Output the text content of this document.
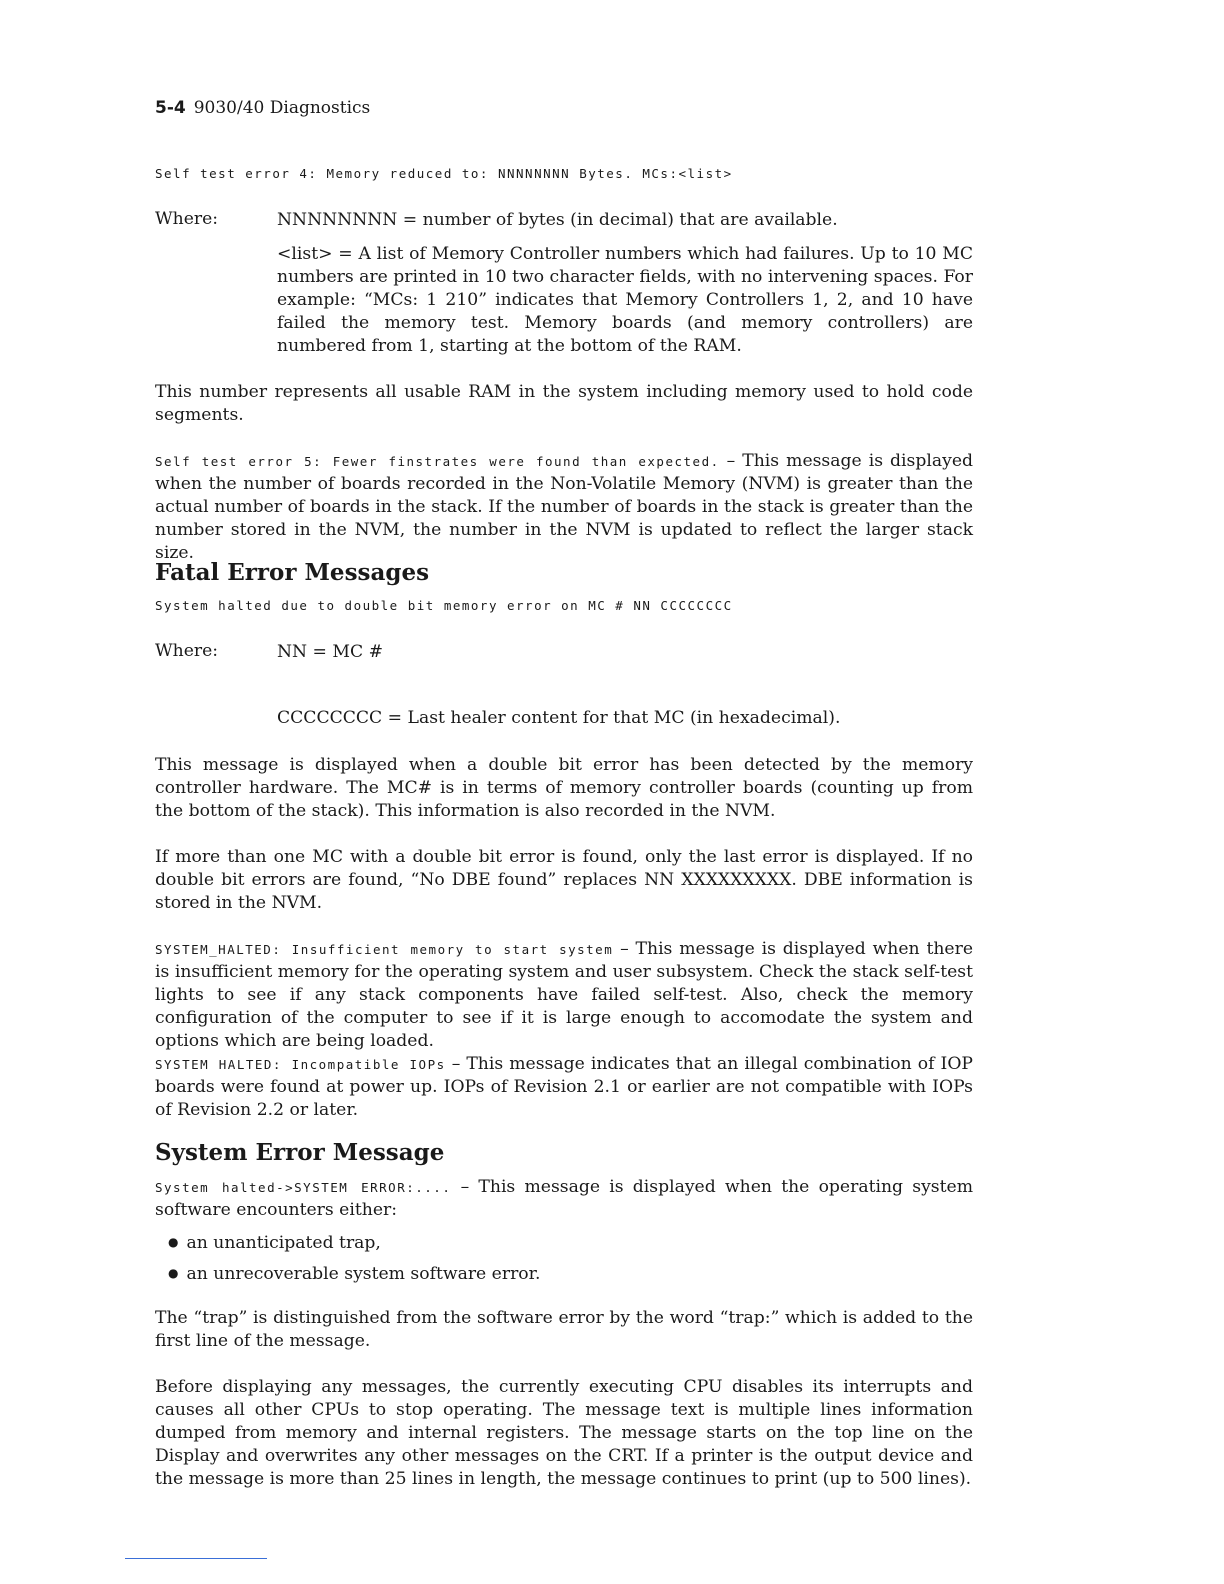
5-4 9030/40 Diagnostics
Self test error 4: Memory reduced to: NNNNNNNN Bytes. MCs:<list>
Where:	NNNNNNNN = number of bytes (in decimal) that are available.
<list> = A list of Memory Controller numbers which had failures. Up to 10 MC numbers are printed in 10 two character fields, with no intervening spaces. For example: “MCs: 1 210” indicates that Memory Controllers 1, 2, and 10 have failed the memory test. Memory boards (and memory controllers) are numbered from 1, starting at the bottom of the RAM.

This number represents all usable RAM in the system including memory used to hold code segments.

Self test error 5: Fewer finstrates were found than expected. – This message is displayed when the number of boards recorded in the Non-Volatile Memory (NVM) is greater than the actual number of boards in the stack. If the number of boards in the stack is greater than the number stored in the NVM, the number in the NVM is updated to reflect the larger stack size.

Fatal Error Messages
System halted due to double bit memory error on MC # NN CCCCCCCC
Where:	NN = MC #
CCCCCCCC = Last healer content for that MC (in hexadecimal).

This message is displayed when a double bit error has been detected by the memory controller hardware. The MC# is in terms of memory controller boards (counting up from the bottom of the stack). This information is also recorded in the NVM.

If more than one MC with a double bit error is found, only the last error is displayed. If no double bit errors are found, “No DBE found” replaces NN XXXXXXXXX. DBE information is stored in the NVM.

SYSTEM_HALTED: Insufficient memory to start system – This message is displayed when there is insufficient memory for the operating system and user subsystem. Check the stack self-test lights to see if any stack components have failed self-test. Also, check the memory configuration of the computer to see if it is large enough to accomodate the system and options which are being loaded.

SYSTEM HALTED: Incompatible IOPs – This message indicates that an illegal combination of IOP boards were found at power up. IOPs of Revision 2.1 or earlier are not compatible with IOPs of Revision 2.2 or later.

System Error Message

System halted->SYSTEM ERROR:.... – This message is displayed when the operating system software encounters either:

● an unanticipated trap,
● an unrecoverable system software error.

The “trap” is distinguished from the software error by the word “trap:” which is added to the first line of the message.

Before displaying any messages, the currently executing CPU disables its interrupts and causes all other CPUs to stop operating. The message text is multiple lines information dumped from memory and internal registers. The message starts on the top line on the Display and overwrites any other messages on the CRT. If a printer is the output device and the message is more than 25 lines in length, the message continues to print (up to 500 lines).
